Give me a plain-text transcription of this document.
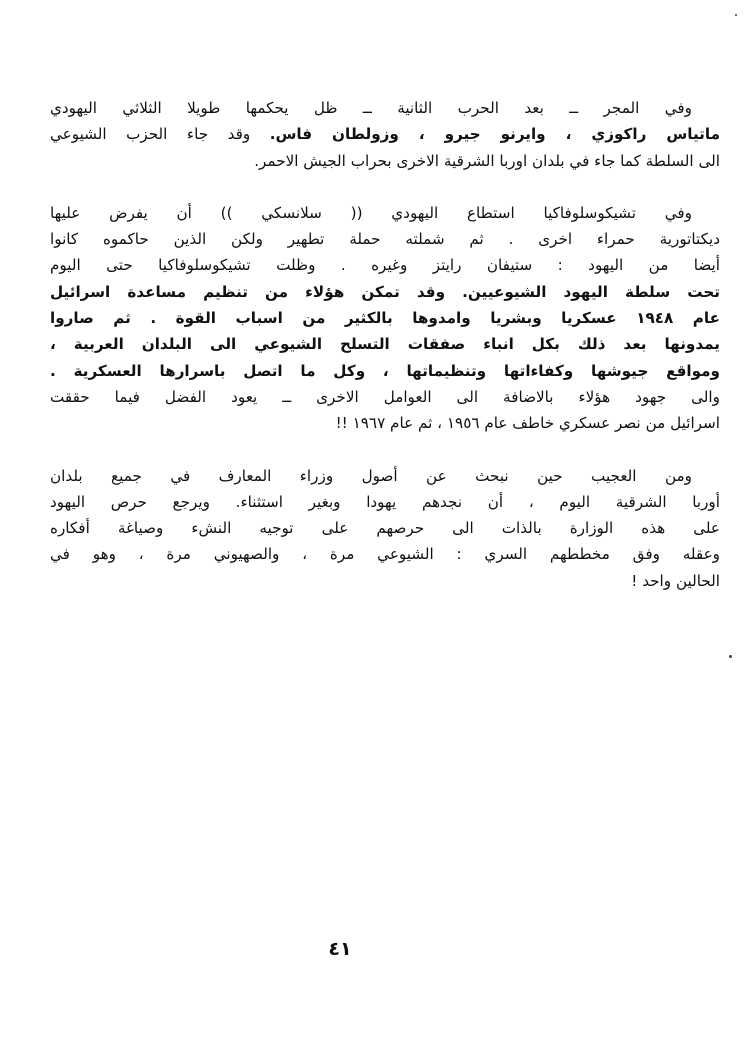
وفي المجر ــ بعد الحرب الثانية ــ ظل يحكمها طويلا الثلاثي اليهودي
ماتياس راكوزي ، وايرنو جيرو ، وزولطان فاس. وقد جاء الحزب الشيوعي
الى السلطة كما جاء في بلدان اوربا الشرقية الاخرى بحراب الجيش الاحمر.

وفي تشيكوسلوفاكيا استطاع اليهودي (( سلانسكي )) أن يفرض عليها
ديكتاتورية حمراء اخرى . ثم شملته حملة تطهير ولكن الذين حاكموه كانوا
أيضا من اليهود : ستيفان رايتز وغيره . وظلت تشيكوسلوفاكيا حتى اليوم
تحت سلطة اليهود الشيوعيين. وقد تمكن هؤلاء من تنظيم مساعدة اسرائيل
عام ١٩٤٨ عسكريا وبشريا وامدوها بالكثير من اسباب القوة . ثم صاروا
يمدونها بعد ذلك بكل انباء صفقات التسلح الشيوعي الى البلدان العربية ،
ومواقع جيوشها وكفاءاتها وتنظيماتها ، وكل ما اتصل باسرارها العسكرية .
والى جهود هؤلاء بالاضافة الى العوامل الاخرى ــ يعود الفضل فيما حققت
اسرائيل من نصر عسكري خاطف عام ١٩٥٦ ، ثم عام ١٩٦٧ !!

ومن العجيب حين نبحث عن أصول وزراء المعارف في جميع بلدان
أوربا الشرقية اليوم ، أن نجدهم يهودا وبغير استثناء. ويرجع حرص اليهود
على هذه الوزارة بالذات الى حرصهم على توجيه النشء وصياغة أفكاره
وعقله وفق مخططهم السري : الشيوعي مرة ، والصهيوني مرة ، وهو في
الحالين واحد !

٤١
